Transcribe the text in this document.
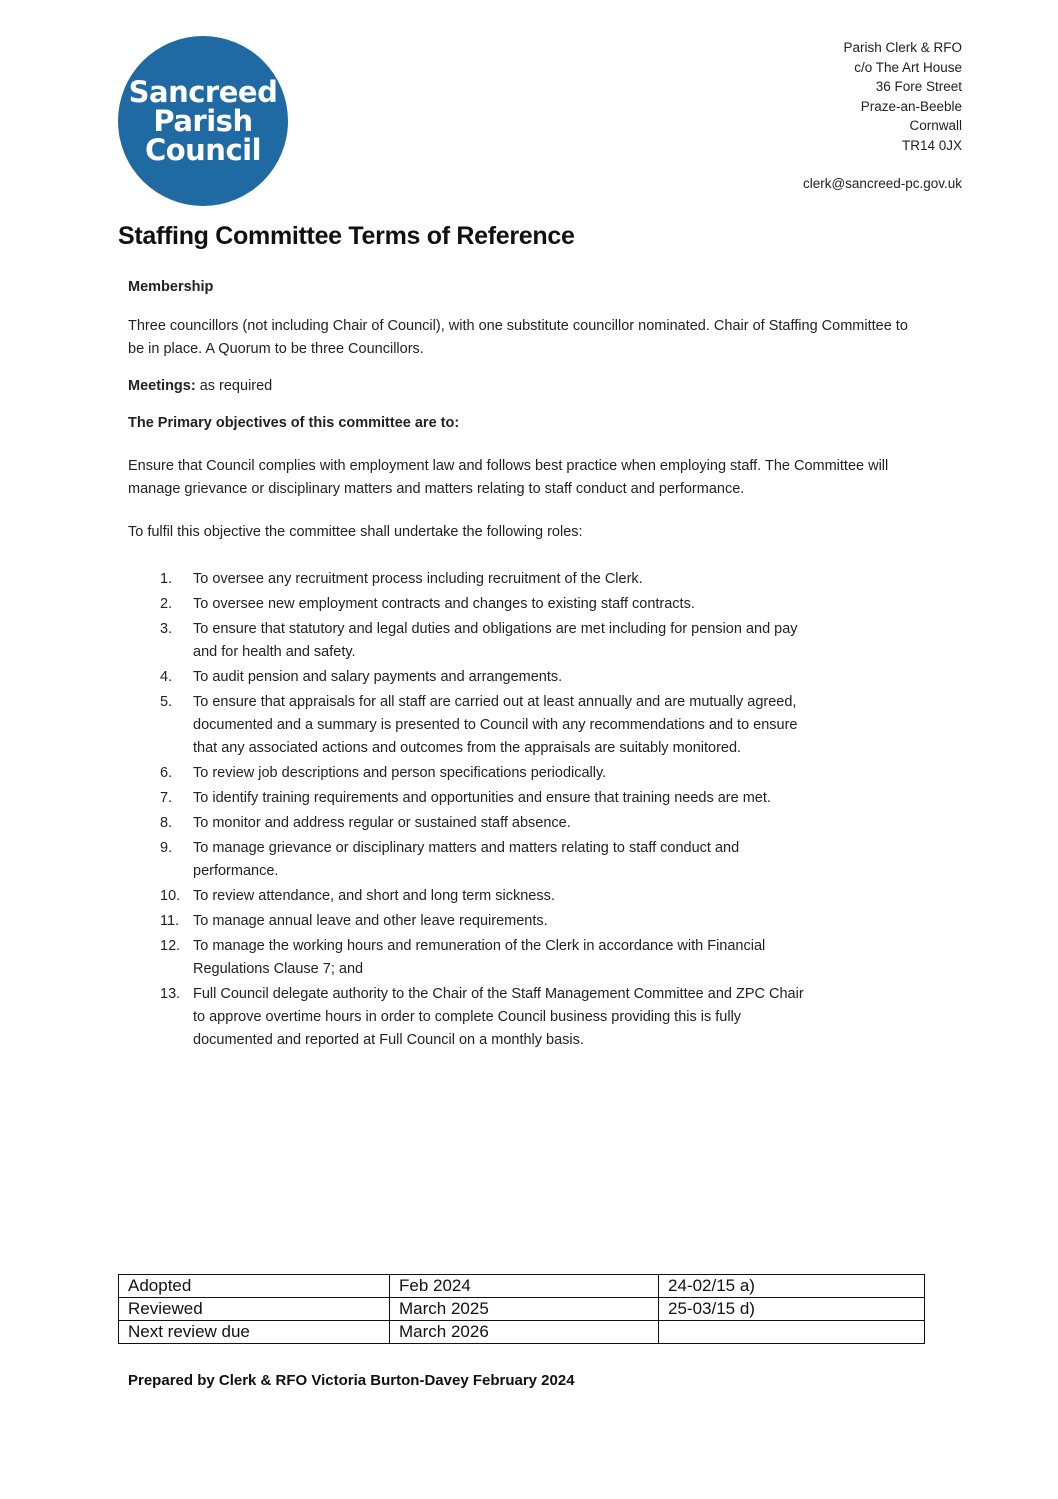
Sancreed
Parish
Council
Parish Clerk & RFO
c/o The Art House
36 Fore Street
Praze-an-Beeble
Cornwall
TR14 0JX
clerk@sancreed-pc.gov.uk
Staffing Committee Terms of Reference

Membership

Three councillors (not including Chair of Council), with one substitute councillor nominated. Chair of Staffing Committee to be in place. A Quorum to be three Councillors.

Meetings: as required

The Primary objectives of this committee are to:

Ensure that Council complies with employment law and follows best practice when employing staff. The Committee will manage grievance or disciplinary matters and matters relating to staff conduct and performance.

To fulfil this objective the committee shall undertake the following roles:

1.	To oversee any recruitment process including recruitment of the Clerk.
2.	To oversee new employment contracts and changes to existing staff contracts.
3.	To ensure that statutory and legal duties and obligations are met including for pension and pay and for health and safety.
4.	To audit pension and salary payments and arrangements.
5.	To ensure that appraisals for all staff are carried out at least annually and are mutually agreed, documented and a summary is presented to Council with any recommendations and to ensure that any associated actions and outcomes from the appraisals are suitably monitored.
6.	To review job descriptions and person specifications periodically.
7.	To identify training requirements and opportunities and ensure that training needs are met.
8.	To monitor and address regular or sustained staff absence.
9.	To manage grievance or disciplinary matters and matters relating to staff conduct and performance.
10. To review attendance, and short and long term sickness.
11. To manage annual leave and other leave requirements.
12. To manage the working hours and remuneration of the Clerk in accordance with Financial Regulations Clause 7; and
13. Full Council delegate authority to the Chair of the Staff Management Committee and ZPC Chair to approve overtime hours in order to complete Council business providing this is fully documented and reported at Full Council on a monthly basis.
Adopted	Feb 2024	24-02/15 a)
Reviewed	March 2025	25-03/15 d)
Next review due	March 2026	

Prepared by Clerk & RFO Victoria Burton-Davey February 2024
